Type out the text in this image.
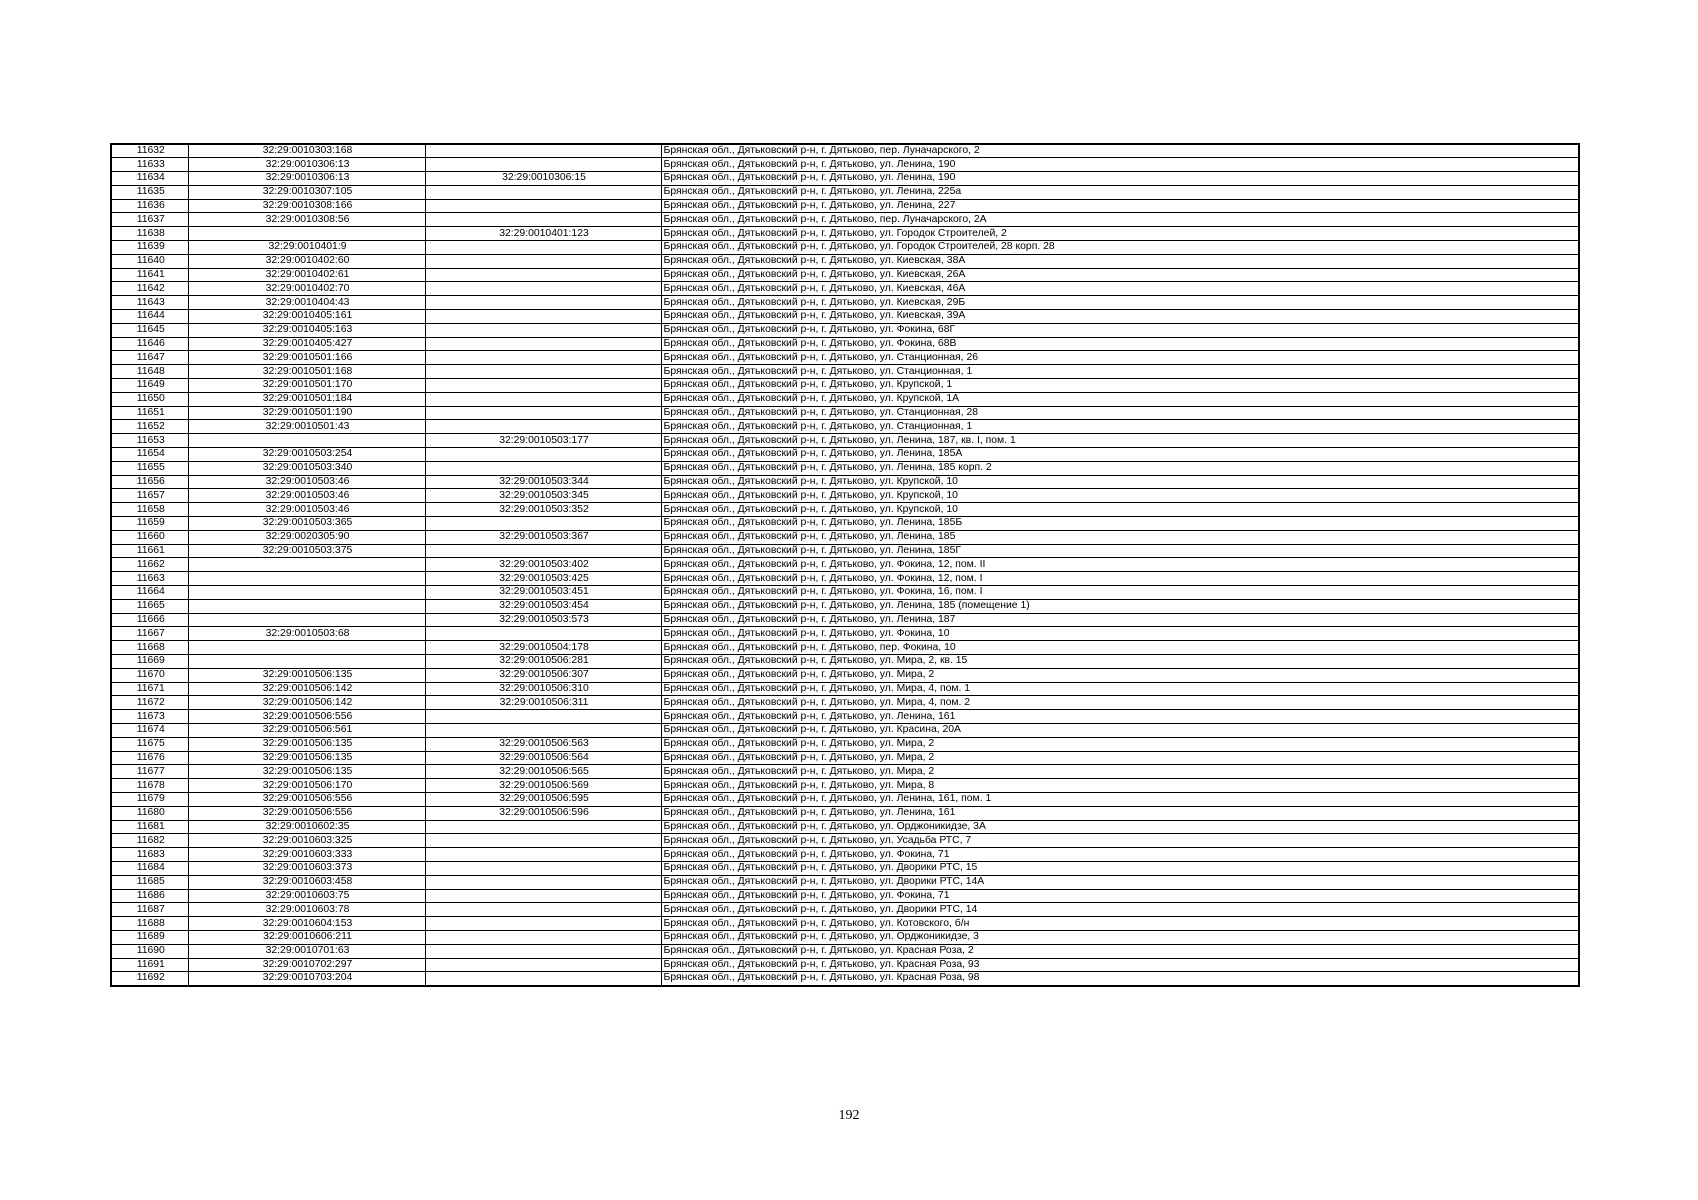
11632	32:29:0010303:168		Брянская обл., Дятьковский р-н, г. Дятьково, пер. Луначарского, 2
11633	32:29:0010306:13		Брянская обл., Дятьковский р-н, г. Дятьково, ул. Ленина, 190
11634	32:29:0010306:13	32:29:0010306:15	Брянская обл., Дятьковский р-н, г. Дятьково, ул. Ленина, 190
11635	32:29:0010307:105		Брянская обл., Дятьковский р-н, г. Дятьково, ул. Ленина, 225а
11636	32:29:0010308:166		Брянская обл., Дятьковский р-н, г. Дятьково, ул. Ленина, 227
11637	32:29:0010308:56		Брянская обл., Дятьковский р-н, г. Дятьково, пер. Луначарского, 2А
11638		32:29:0010401:123	Брянская обл., Дятьковский р-н, г. Дятьково, ул. Городок Строителей, 2
11639	32:29:0010401:9		Брянская обл., Дятьковский р-н, г. Дятьково, ул. Городок Строителей, 28 корп. 28
11640	32:29:0010402:60		Брянская обл., Дятьковский р-н, г. Дятьково, ул. Киевская, 38А
11641	32:29:0010402:61		Брянская обл., Дятьковский р-н, г. Дятьково, ул. Киевская, 26А
11642	32:29:0010402:70		Брянская обл., Дятьковский р-н, г. Дятьково, ул. Киевская, 46А
11643	32:29:0010404:43		Брянская обл., Дятьковский р-н, г. Дятьково, ул. Киевская, 29Б
11644	32:29:0010405:161		Брянская обл., Дятьковский р-н, г. Дятьково, ул. Киевская, 39А
11645	32:29:0010405:163		Брянская обл., Дятьковский р-н, г. Дятьково, ул. Фокина, 68Г
11646	32:29:0010405:427		Брянская обл., Дятьковский р-н, г. Дятьково, ул. Фокина, 68В
11647	32:29:0010501:166		Брянская обл., Дятьковский р-н, г. Дятьково, ул. Станционная, 26
11648	32:29:0010501:168		Брянская обл., Дятьковский р-н, г. Дятьково, ул. Станционная, 1
11649	32:29:0010501:170		Брянская обл., Дятьковский р-н, г. Дятьково, ул. Крупской, 1
11650	32:29:0010501:184		Брянская обл., Дятьковский р-н, г. Дятьково, ул. Крупской, 1А
11651	32:29:0010501:190		Брянская обл., Дятьковский р-н, г. Дятьково, ул. Станционная, 28
11652	32:29:0010501:43		Брянская обл., Дятьковский р-н, г. Дятьково, ул. Станционная, 1
11653		32:29:0010503:177	Брянская обл., Дятьковский р-н, г. Дятьково, ул. Ленина, 187, кв. I, пом. 1
11654	32:29:0010503:254		Брянская обл., Дятьковский р-н, г. Дятьково, ул. Ленина, 185А
11655	32:29:0010503:340		Брянская обл., Дятьковский р-н, г. Дятьково, ул. Ленина, 185 корп. 2
11656	32:29:0010503:46	32:29:0010503:344	Брянская обл., Дятьковский р-н, г. Дятьково, ул. Крупской, 10
11657	32:29:0010503:46	32:29:0010503:345	Брянская обл., Дятьковский р-н, г. Дятьково, ул. Крупской, 10
11658	32:29:0010503:46	32:29:0010503:352	Брянская обл., Дятьковский р-н, г. Дятьково, ул. Крупской, 10
11659	32:29:0010503:365		Брянская обл., Дятьковский р-н, г. Дятьково, ул. Ленина, 185Б
11660	32:29:0020305:90	32:29:0010503:367	Брянская обл., Дятьковский р-н, г. Дятьково, ул. Ленина, 185
11661	32:29:0010503:375		Брянская обл., Дятьковский р-н, г. Дятьково, ул. Ленина, 185Г
11662		32:29:0010503:402	Брянская обл., Дятьковский р-н, г. Дятьково, ул. Фокина, 12, пом. II
11663		32:29:0010503:425	Брянская обл., Дятьковский р-н, г. Дятьково, ул. Фокина, 12, пом. I
11664		32:29:0010503:451	Брянская обл., Дятьковский р-н, г. Дятьково, ул. Фокина, 16, пом. I
11665		32:29:0010503:454	Брянская обл., Дятьковский р-н, г. Дятьково, ул. Ленина, 185 (помещение 1)
11666		32:29:0010503:573	Брянская обл., Дятьковский р-н, г. Дятьково, ул. Ленина, 187
11667	32:29:0010503:68		Брянская обл., Дятьковский р-н, г. Дятьково, ул. Фокина, 10
11668		32:29:0010504:178	Брянская обл., Дятьковский р-н, г. Дятьково, пер. Фокина, 10
11669		32:29:0010506:281	Брянская обл., Дятьковский р-н, г. Дятьково, ул. Мира, 2, кв. 15
11670	32:29:0010506:135	32:29:0010506:307	Брянская обл., Дятьковский р-н, г. Дятьково, ул. Мира, 2
11671	32:29:0010506:142	32:29:0010506:310	Брянская обл., Дятьковский р-н, г. Дятьково, ул. Мира, 4, пом. 1
11672	32:29:0010506:142	32:29:0010506:311	Брянская обл., Дятьковский р-н, г. Дятьково, ул. Мира, 4, пом. 2
11673	32:29:0010506:556		Брянская обл., Дятьковский р-н, г. Дятьково, ул. Ленина, 161
11674	32:29:0010506:561		Брянская обл., Дятьковский р-н, г. Дятьково, ул. Красина, 20А
11675	32:29:0010506:135	32:29:0010506:563	Брянская обл., Дятьковский р-н, г. Дятьково, ул. Мира, 2
11676	32:29:0010506:135	32:29:0010506:564	Брянская обл., Дятьковский р-н, г. Дятьково, ул. Мира, 2
11677	32:29:0010506:135	32:29:0010506:565	Брянская обл., Дятьковский р-н, г. Дятьково, ул. Мира, 2
11678	32:29:0010506:170	32:29:0010506:569	Брянская обл., Дятьковский р-н, г. Дятьково, ул. Мира, 8
11679	32:29:0010506:556	32:29:0010506:595	Брянская обл., Дятьковский р-н, г. Дятьково, ул. Ленина, 161, пом. 1
11680	32:29:0010506:556	32:29:0010506:596	Брянская обл., Дятьковский р-н, г. Дятьково, ул. Ленина, 161
11681	32:29:0010602:35		Брянская обл., Дятьковский р-н, г. Дятьково, ул. Орджоникидзе, 3А
11682	32:29:0010603:325		Брянская обл., Дятьковский р-н, г. Дятьково, ул. Усадьба РТС, 7
11683	32:29:0010603:333		Брянская обл., Дятьковский р-н, г. Дятьково, ул. Фокина, 71
11684	32:29:0010603:373		Брянская обл., Дятьковский р-н, г. Дятьково, ул. Дворики РТС, 15
11685	32:29:0010603:458		Брянская обл., Дятьковский р-н, г. Дятьково, ул. Дворики РТС, 14А
11686	32:29:0010603:75		Брянская обл., Дятьковский р-н, г. Дятьково, ул. Фокина, 71
11687	32:29:0010603:78		Брянская обл., Дятьковский р-н, г. Дятьково, ул. Дворики РТС, 14
11688	32:29:0010604:153		Брянская обл., Дятьковский р-н, г. Дятьково, ул. Котовского, б/н
11689	32:29:0010606:211		Брянская обл., Дятьковский р-н, г. Дятьково, ул. Орджоникидзе, 3
11690	32:29:0010701:63		Брянская обл., Дятьковский р-н, г. Дятьково, ул. Красная Роза, 2
11691	32:29:0010702:297		Брянская обл., Дятьковский р-н, г. Дятьково, ул. Красная Роза, 93
11692	32:29:0010703:204		Брянская обл., Дятьковский р-н, г. Дятьково, ул. Красная Роза, 98
192
